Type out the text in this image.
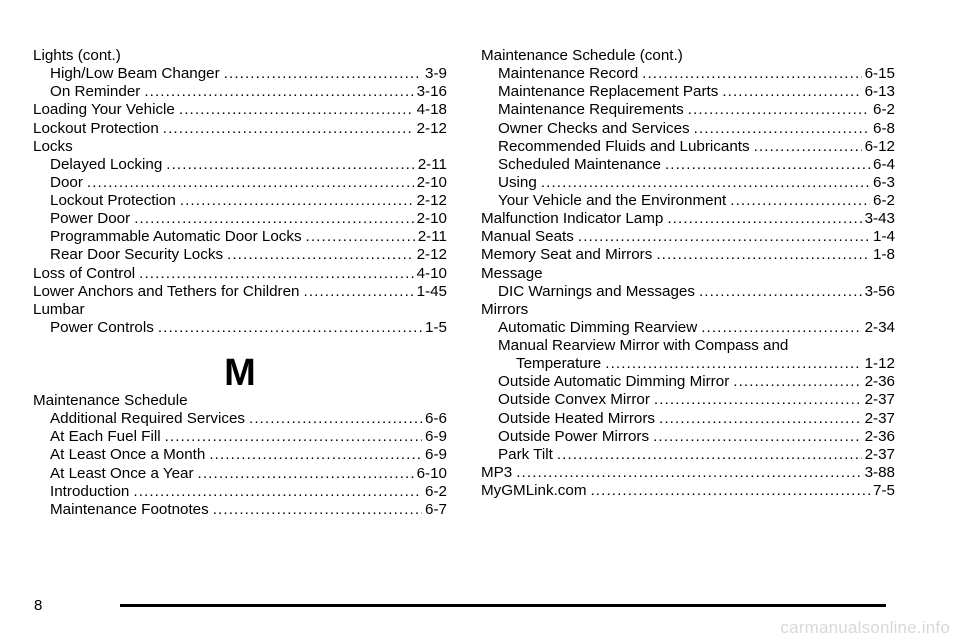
Lights (cont.)
High/Low Beam Changer .....	3-9
On Reminder .....	3-16
Loading Your Vehicle .....	4-18
Lockout Protection .....	2-12
Locks
Delayed Locking .....	2-11
Door .....	2-10
Lockout Protection .....	2-12
Power Door .....	2-10
Programmable Automatic Door Locks .....	2-11
Rear Door Security Locks .....	2-12
Loss of Control .....	4-10
Lower Anchors and Tethers for Children .....	1-45
Lumbar
Power Controls .....	1-5
M
Maintenance Schedule
Additional Required Services .....	6-6
At Each Fuel Fill .....	6-9
At Least Once a Month .....	6-9
At Least Once a Year .....	6-10
Introduction .....	6-2
Maintenance Footnotes .....	6-7
Maintenance Schedule (cont.)
Maintenance Record .....	6-15
Maintenance Replacement Parts .....	6-13
Maintenance Requirements .....	6-2
Owner Checks and Services .....	6-8
Recommended Fluids and Lubricants .....	6-12
Scheduled Maintenance .....	6-4
Using .....	6-3
Your Vehicle and the Environment .....	6-2
Malfunction Indicator Lamp .....	3-43
Manual Seats .....	1-4
Memory Seat and Mirrors .....	1-8
Message
DIC Warnings and Messages .....	3-56
Mirrors
Automatic Dimming Rearview .....	2-34
Manual Rearview Mirror with Compass and
Temperature .....	1-12
Outside Automatic Dimming Mirror .....	2-36
Outside Convex Mirror .....	2-37
Outside Heated Mirrors .....	2-37
Outside Power Mirrors .....	2-36
Park Tilt .....	2-37
MP3 .....	3-88
MyGMLink.com .....	7-5
8
carmanualsonline.info
